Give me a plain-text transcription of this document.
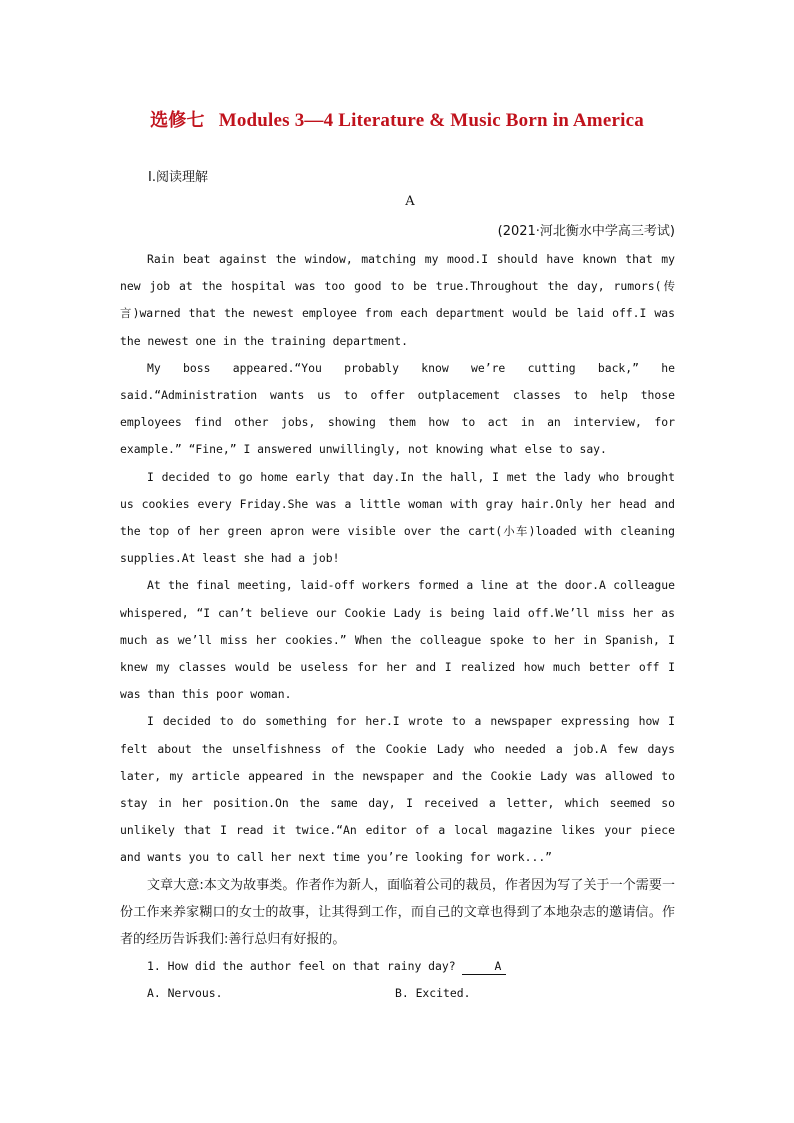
选修七 Modules 3—4 Literature & Music Born in America
Ⅰ.阅读理解
A
(2021·河北衡水中学高三考试)

Rain beat against the window, matching my mood.I should have known that my new job at the hospital was too good to be true.Throughout the day, rumors(传言)warned that the newest employee from each department would be laid off.I was the newest one in the training department.

My boss appeared.“You probably know we’re cutting back,” he said.“Administration wants us to offer outplacement classes to help those employees find other jobs, showing them how to act in an interview, for example.” “Fine,” I answered unwillingly, not knowing what else to say.

I decided to go home early that day.In the hall, I met the lady who brought us cookies every Friday.She was a little woman with gray hair.Only her head and the top of her green apron were visible over the cart(小车)loaded with cleaning supplies.At least she had a job!

At the final meeting, laid-off workers formed a line at the door.A colleague whispered, “I can’t believe our Cookie Lady is being laid off.We’ll miss her as much as we’ll miss her cookies.” When the colleague spoke to her in Spanish, I knew my classes would be useless for her and I realized how much better off I was than this poor woman.

I decided to do something for her.I wrote to a newspaper expressing how I felt about the unselfishness of the Cookie Lady who needed a job.A few days later, my article appeared in the newspaper and the Cookie Lady was allowed to stay in her position.On the same day, I received a letter, which seemed so unlikely that I read it twice.“An editor of a local magazine likes your piece and wants you to call her next time you’re looking for work...”

文章大意:本文为故事类。作者作为新人，面临着公司的裁员，作者因为写了关于一个需要一份工作来养家糊口的女士的故事，让其得到工作，而自己的文章也得到了本地杂志的邀请信。作者的经历告诉我们:善行总归有好报的。

1. How did the author feel on that rainy day?	A

A. Nervous.	B. Excited.
